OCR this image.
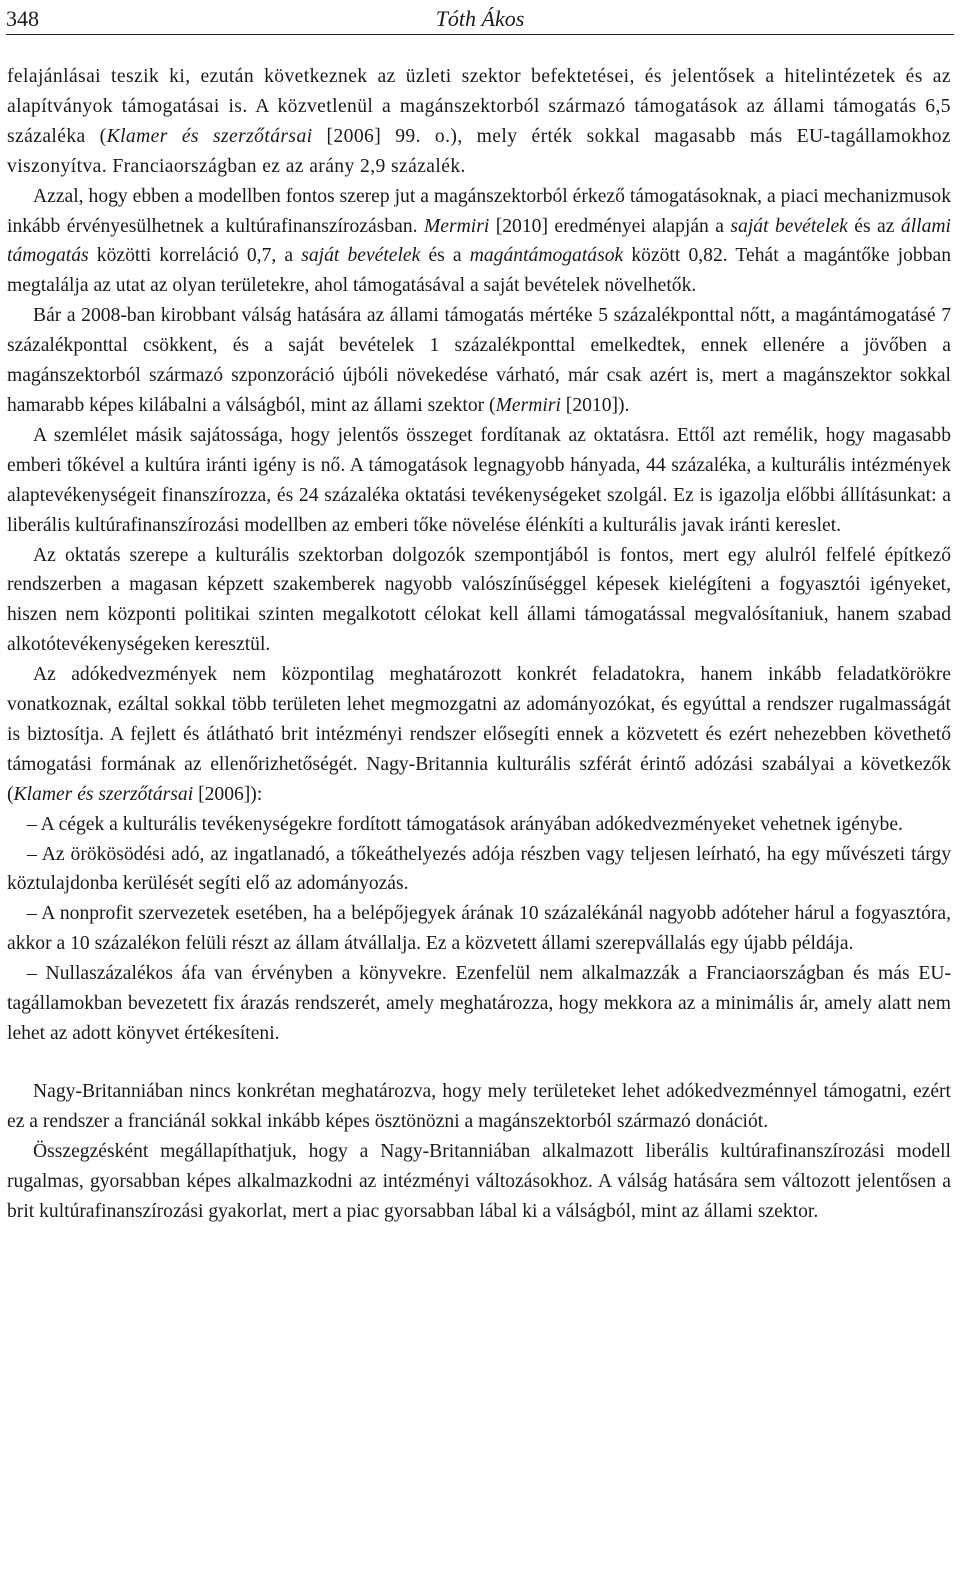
348	Tóth Ákos

felajánlásai teszik ki, ezután következnek az üzleti szektor befektetései, és jelentősek a hitelintézetek és az alapítványok támogatásai is. A közvetlenül a magánszektorból származó támogatások az állami támogatás 6,5 százaléka (Klamer és szerzőtársai [2006] 99. o.), mely érték sokkal magasabb más EU-tagállamokhoz viszonyítva. Franciaországban ez az arány 2,9 százalék.

Azzal, hogy ebben a modellben fontos szerep jut a magánszektorból érkező támogatásoknak, a piaci mechanizmusok inkább érvényesülhetnek a kultúrafinanszírozásban. Mermiri [2010] eredményei alapján a saját bevételek és az állami támogatás közötti korreláció 0,7, a saját bevételek és a magántámogatások között 0,82. Tehát a magántőke jobban megtalálja az utat az olyan területekre, ahol támogatásával a saját bevételek növelhetők.

Bár a 2008-ban kirobbant válság hatására az állami támogatás mértéke 5 százalékponttal nőtt, a magántámogatásé 7 százalékponttal csökkent, és a saját bevételek 1 százalékponttal emelkedtek, ennek ellenére a jövőben a magánszektorból származó szponzoráció újbóli növekedése várható, már csak azért is, mert a magánszektor sokkal hamarabb képes kilábalni a válságból, mint az állami szektor (Mermiri [2010]).

A szemlélet másik sajátossága, hogy jelentős összeget fordítanak az oktatásra. Ettől azt remélik, hogy magasabb emberi tőkével a kultúra iránti igény is nő. A támogatások legnagyobb hányada, 44 százaléka, a kulturális intézmények alaptevékenységeit finanszírozza, és 24 százaléka oktatási tevékenységeket szolgál. Ez is igazolja előbbi állításunkat: a liberális kultúrafinanszírozási modellben az emberi tőke növelése élénkíti a kulturális javak iránti kereslet.

Az oktatás szerepe a kulturális szektorban dolgozók szempontjából is fontos, mert egy alulról felfelé építkező rendszerben a magasan képzett szakemberek nagyobb valószínűséggel képesek kielégíteni a fogyasztói igényeket, hiszen nem központi politikai szinten megalkotott célokat kell állami támogatással megvalósítaniuk, hanem szabad alkotótevékenységeken keresztül.

Az adókedvezmények nem központilag meghatározott konkrét feladatokra, hanem inkább feladatkörökre vonatkoznak, ezáltal sokkal több területen lehet megmozgatni az adományozókat, és egyúttal a rendszer rugalmasságát is biztosítja. A fejlett és átlátható brit intézményi rendszer elősegíti ennek a közvetett és ezért nehezebben követhető támogatási formának az ellenőrizhetőségét. Nagy-Britannia kulturális szférát érintő adózási szabályai a következők (Klamer és szerzőtársai [2006]):

– A cégek a kulturális tevékenységekre fordított támogatások arányában adókedvezményeket vehetnek igénybe.

– Az örökösödési adó, az ingatlanadó, a tőkeáthelyezés adója részben vagy teljesen leírható, ha egy művészeti tárgy köztulajdonba kerülését segíti elő az adományozás.

– A nonprofit szervezetek esetében, ha a belépőjegyek árának 10 százalékánál nagyobb adóteher hárul a fogyasztóra, akkor a 10 százalékon felüli részt az állam átvállalja. Ez a közvetett állami szerepvállalás egy újabb példája.

– Nullaszázalékos áfa van érvényben a könyvekre. Ezenfelül nem alkalmazzák a Franciaországban és más EU-tagállamokban bevezetett fix árazás rendszerét, amely meghatározza, hogy mekkora az a minimális ár, amely alatt nem lehet az adott könyvet értékesíteni.

Nagy-Britanniában nincs konkrétan meghatározva, hogy mely területeket lehet adókedvezménnyel támogatni, ezért ez a rendszer a franciánál sokkal inkább képes ösztönözni a magánszektorból származó donációt.

Összegzésként megállapíthatjuk, hogy a Nagy-Britanniában alkalmazott liberális kultúrafinanszírozási modell rugalmas, gyorsabban képes alkalmazkodni az intézményi változásokhoz. A válság hatására sem változott jelentősen a brit kultúrafinanszírozási gyakorlat, mert a piac gyorsabban lábal ki a válságból, mint az állami szektor.
